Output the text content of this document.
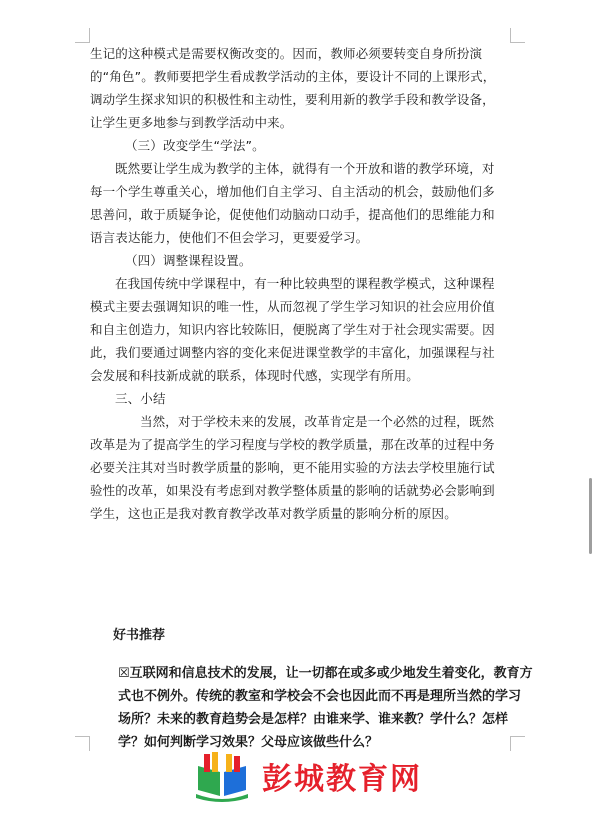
生记的这种模式是需要权衡改变的。因而，教师必须要转变自身所扮演的“角色”。教师要把学生看成教学活动的主体，要设计不同的上课形式，调动学生探求知识的积极性和主动性，要利用新的教学手段和教学设备，让学生更多地参与到教学活动中来。

（三）改变学生“学法”。

既然要让学生成为教学的主体，就得有一个开放和谐的教学环境，对每一个学生尊重关心，增加他们自主学习、自主活动的机会，鼓励他们多思善问，敢于质疑争论，促使他们动脑动口动手，提高他们的思维能力和语言表达能力，使他们不但会学习，更要爱学习。

（四）调整课程设置。

在我国传统中学课程中，有一种比较典型的课程教学模式，这种课程模式主要去强调知识的唯一性，从而忽视了学生学习知识的社会应用价值和自主创造力，知识内容比较陈旧，便脱离了学生对于社会现实需要。因此，我们要通过调整内容的变化来促进课堂教学的丰富化，加强课程与社会发展和科技新成就的联系，体现时代感，实现学有所用。

三、小结

当然，对于学校未来的发展，改革肯定是一个必然的过程，既然改革是为了提高学生的学习程度与学校的教学质量，那在改革的过程中务必要关注其对当时教学质量的影响，更不能用实验的方法去学校里施行试验性的改革，如果没有考虑到对教学整体质量的影响的话就势必会影响到学生，这也正是我对教育教学改革对教学质量的影响分析的原因。

好书推荐

☒互联网和信息技术的发展，让一切都在或多或少地发生着变化，教育方式也不例外。传统的教室和学校会不会也因此而不再是理所当然的学习场所？未来的教育趋势会是怎样？由谁来学、谁来教？学什么？怎样学？如何判断学习效果？父母应该做些什么？

彭城教育网
